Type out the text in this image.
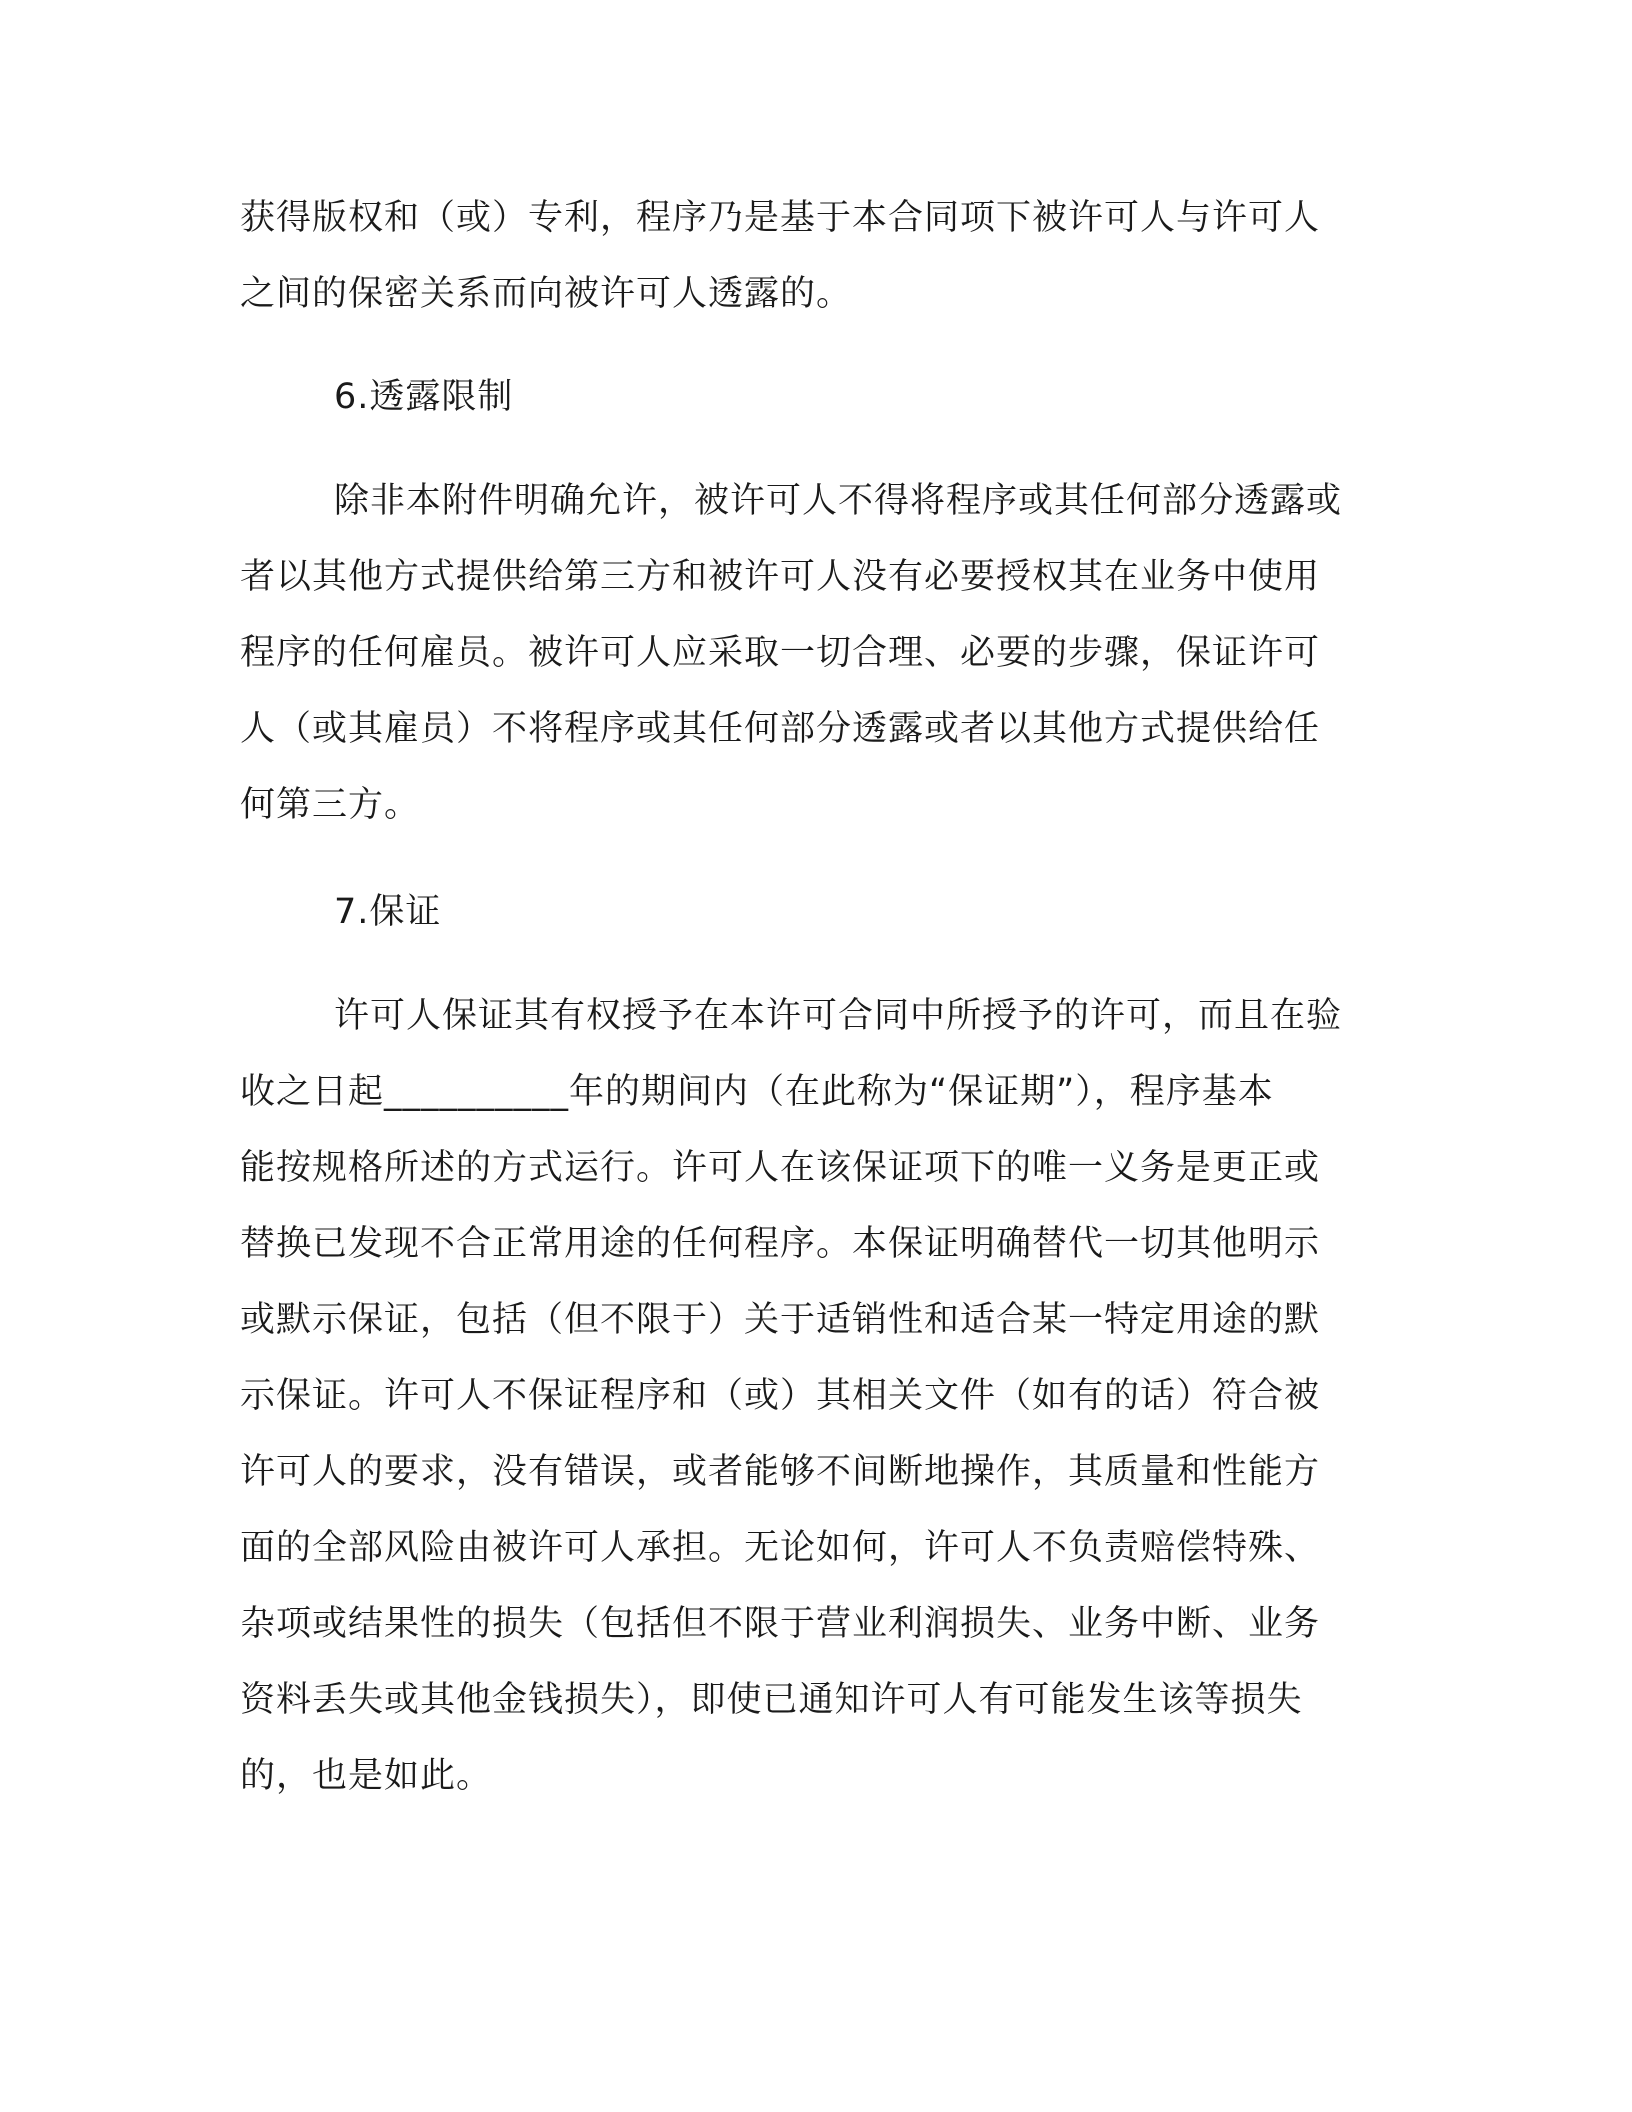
获得版权和（或）专利，程序乃是基于本合同项下被许可人与许可人
之间的保密关系而向被许可人透露的。
6.透露限制
除非本附件明确允许，被许可人不得将程序或其任何部分透露或
者以其他方式提供给第三方和被许可人没有必要授权其在业务中使用
程序的任何雇员。被许可人应采取一切合理、必要的步骤，保证许可
人（或其雇员）不将程序或其任何部分透露或者以其他方式提供给任
何第三方。
7.保证
许可人保证其有权授予在本许可合同中所授予的许可，而且在验
收之日起__________年的期间内（在此称为“保证期”），程序基本
能按规格所述的方式运行。许可人在该保证项下的唯一义务是更正或
替换已发现不合正常用途的任何程序。本保证明确替代一切其他明示
或默示保证，包括（但不限于）关于适销性和适合某一特定用途的默
示保证。许可人不保证程序和（或）其相关文件（如有的话）符合被
许可人的要求，没有错误，或者能够不间断地操作，其质量和性能方
面的全部风险由被许可人承担。无论如何，许可人不负责赔偿特殊、
杂项或结果性的损失（包括但不限于营业利润损失、业务中断、业务
资料丢失或其他金钱损失），即使已通知许可人有可能发生该等损失
的，也是如此。
